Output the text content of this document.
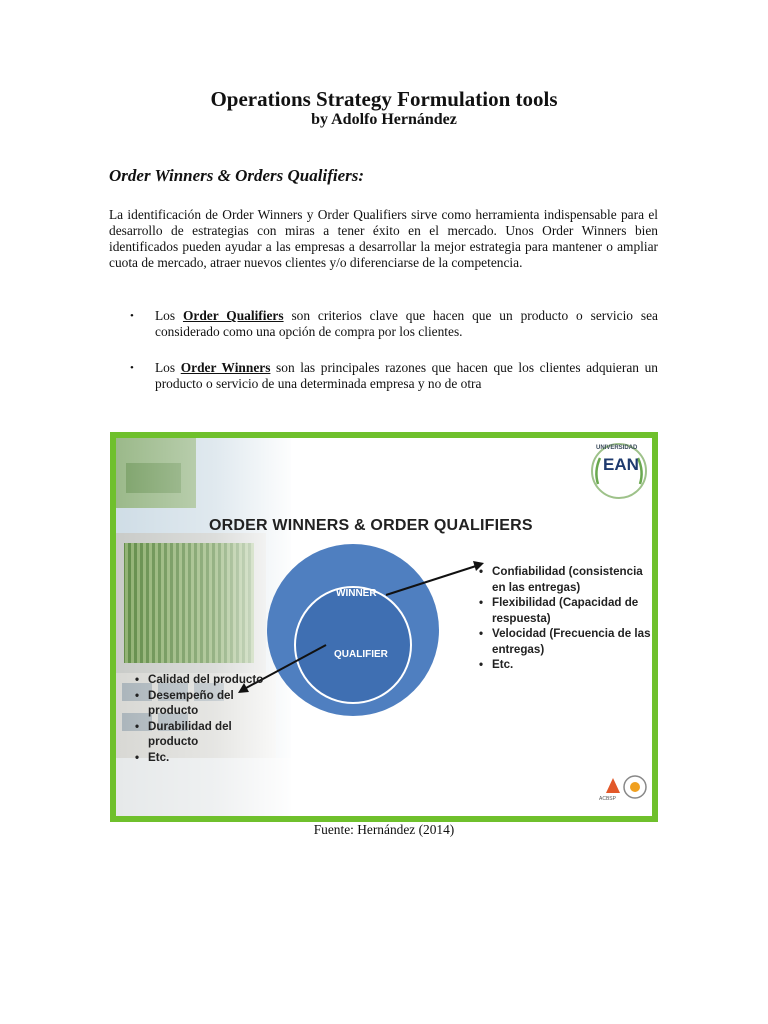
Operations Strategy Formulation tools
by Adolfo Hernández
Order Winners & Orders Qualifiers:

La identificación de Order Winners y Order Qualifiers sirve como herramienta indispensable para el desarrollo de estrategias con miras a tener éxito en el mercado. Unos Order Winners bien identificados pueden ayudar a las empresas a desarrollar la mejor estrategia para mantener o ampliar cuota de mercado, atraer nuevos clientes y/o diferenciarse de la competencia.

• Los Order Qualifiers son criterios clave que hacen que un producto o servicio sea considerado como una opción de compra por los clientes.
• Los Order Winners son las principales razones que hacen que los clientes adquieran un producto o servicio de una determinada empresa y no de otra
UNIVERSIDAD
EAN
ORDER WINNERS & ORDER QUALIFIERS
WINNER
QUALIFIER
• Confiabilidad (consistencia en las entregas)
• Flexibilidad (Capacidad de respuesta)
• Velocidad (Frecuencia de las entregas)
• Etc.
• Calidad del producto
• Desempeño del producto
• Durabilidad del producto
• Etc.
ACBSP
Fuente: Hernández (2014)
